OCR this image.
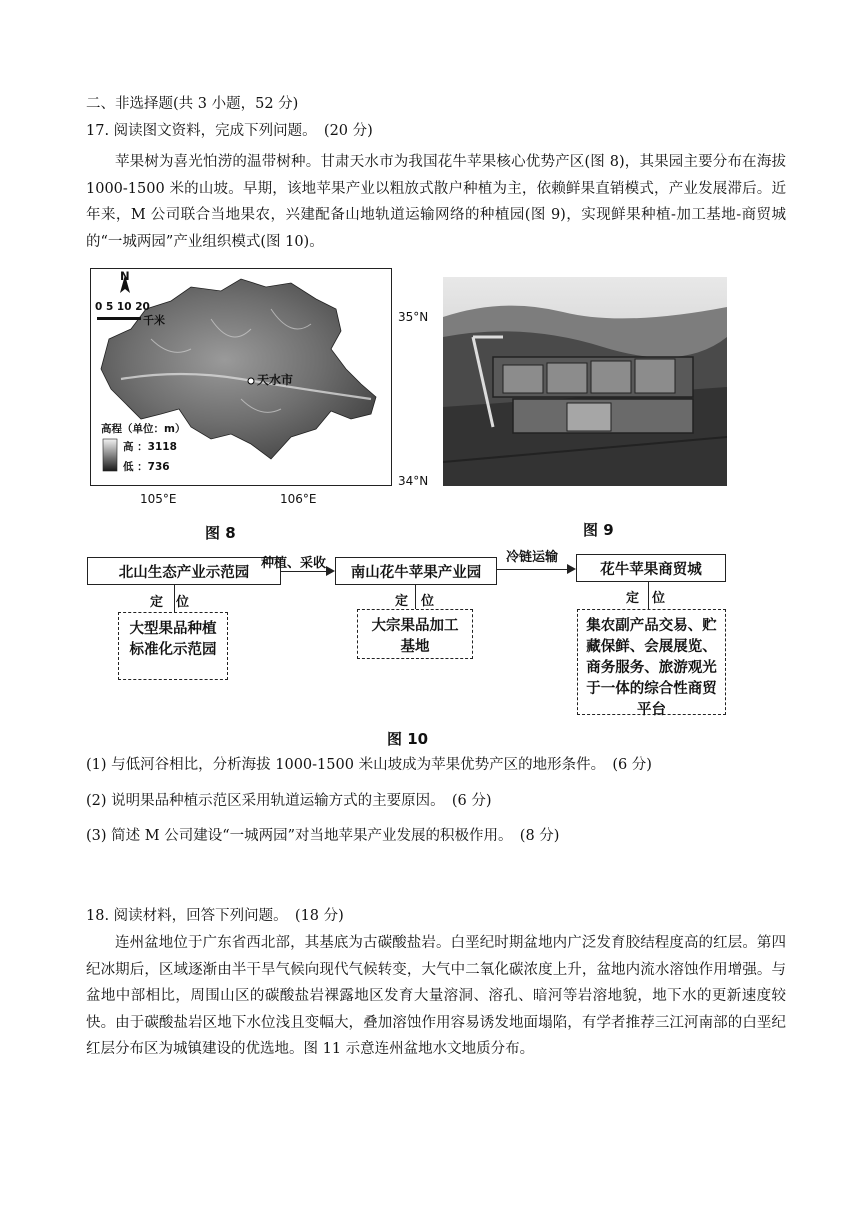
二、非选择题(共 3 小题，52 分)
17. 阅读图文资料，完成下列问题。　(20 分)
苹果树为喜光怕涝的温带树种。甘肃天水市为我国花牛苹果核心优势产区(图 8)，其果园主要分布在海拔 1000-1500 米的山坡。早期，该地苹果产业以粗放式散户种植为主，依赖鲜果直销模式，产业发展滞后。近年来，M 公司联合当地果农，兴建配备山地轨道运输网络的种植园(图 9)，实现鲜果种植-加工基地-商贸城的“一城两园”产业组织模式(图 10)。
N
0 5 10 20
千米
天水市
高程（单位：m）
高 ：3118
低 ：736
35°N
34°N
105°E	106°E
图 8	图 9
北山生态产业示范园	南山花牛苹果产业园	花牛苹果商贸城
种植、采收	冷链运输
定　位	定　位	定　位
大型果品种植标准化示范园
大宗果品加工基地
集农副产品交易、贮藏保鲜、会展展览、商务服务、旅游观光于一体的综合性商贸平台
图 10
(1) 与低河谷相比，分析海拔 1000-1500 米山坡成为苹果优势产区的地形条件。　(6 分)
(2) 说明果品种植示范区采用轨道运输方式的主要原因。　(6 分)
(3) 简述 M 公司建设“一城两园”对当地苹果产业发展的积极作用。　(8 分)
18. 阅读材料，回答下列问题。　(18 分)
连州盆地位于广东省西北部，其基底为古碳酸盐岩。白垩纪时期盆地内广泛发育胶结程度高的红层。第四纪冰期后，区域逐渐由半干旱气候向现代气候转变，大气中二氧化碳浓度上升，盆地内流水溶蚀作用增强。与盆地中部相比，周围山区的碳酸盐岩裸露地区发育大量溶洞、溶孔、暗河等岩溶地貌，地下水的更新速度较快。由于碳酸盐岩区地下水位浅且变幅大，叠加溶蚀作用容易诱发地面塌陷，有学者推荐三江河南部的白垩纪红层分布区为城镇建设的优选地。图 11 示意连州盆地水文地质分布。
